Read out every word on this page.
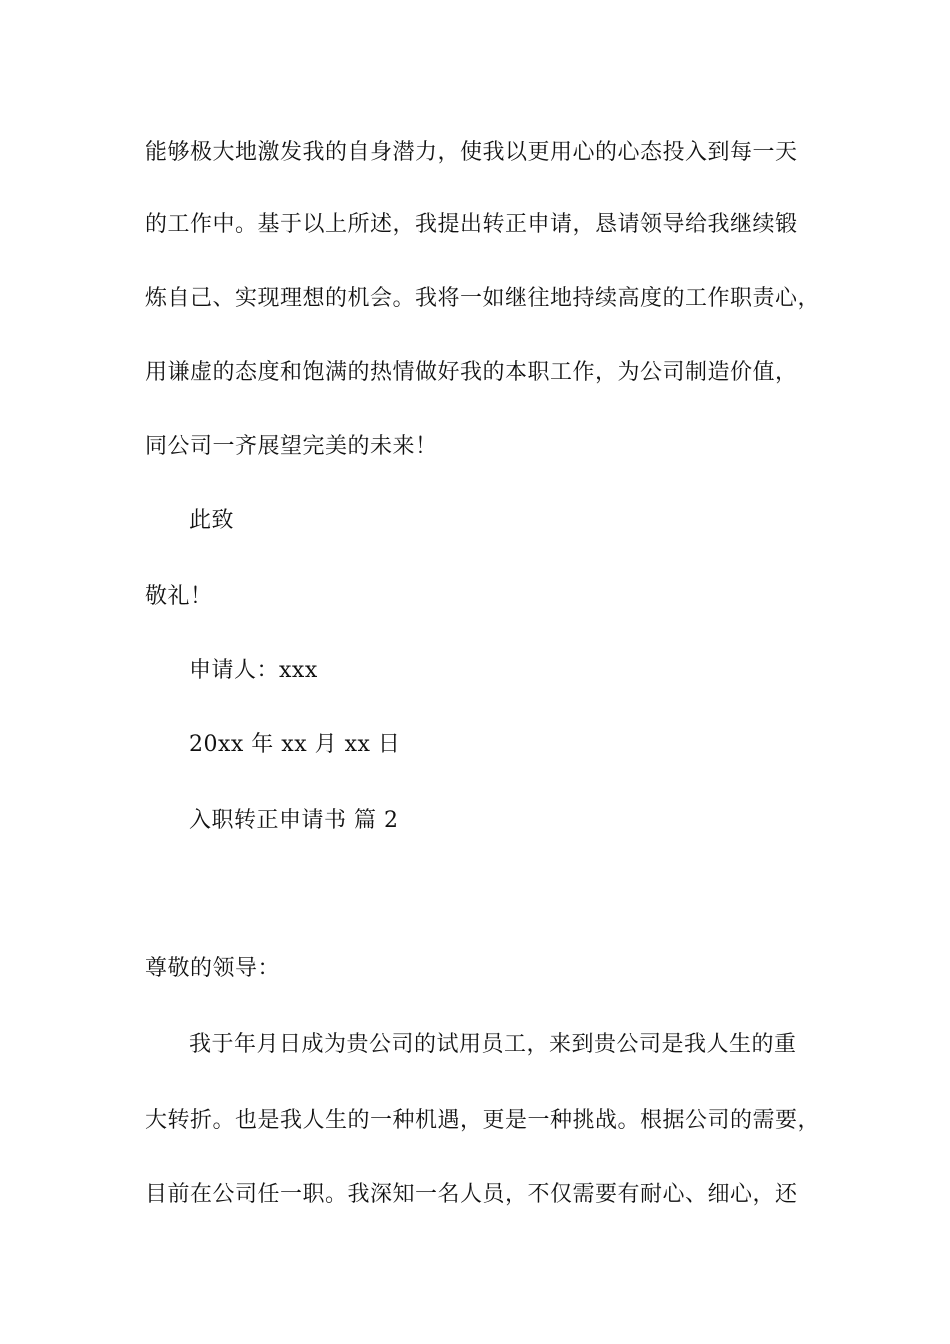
能够极大地激发我的自身潜力，使我以更用心的心态投入到每一天
的工作中。基于以上所述，我提出转正申请，恳请领导给我继续锻
炼自己、实现理想的机会。我将一如继往地持续高度的工作职责心，
用谦虚的态度和饱满的热情做好我的本职工作，为公司制造价值，
同公司一齐展望完美的未来！
此致
敬礼！
申请人：xxx
20xx 年 xx 月 xx 日
入职转正申请书 篇 2
尊敬的领导：
我于年月日成为贵公司的试用员工，来到贵公司是我人生的重
大转折。也是我人生的一种机遇，更是一种挑战。根据公司的需要，
目前在公司任一职。我深知一名人员，不仅需要有耐心、细心，还
